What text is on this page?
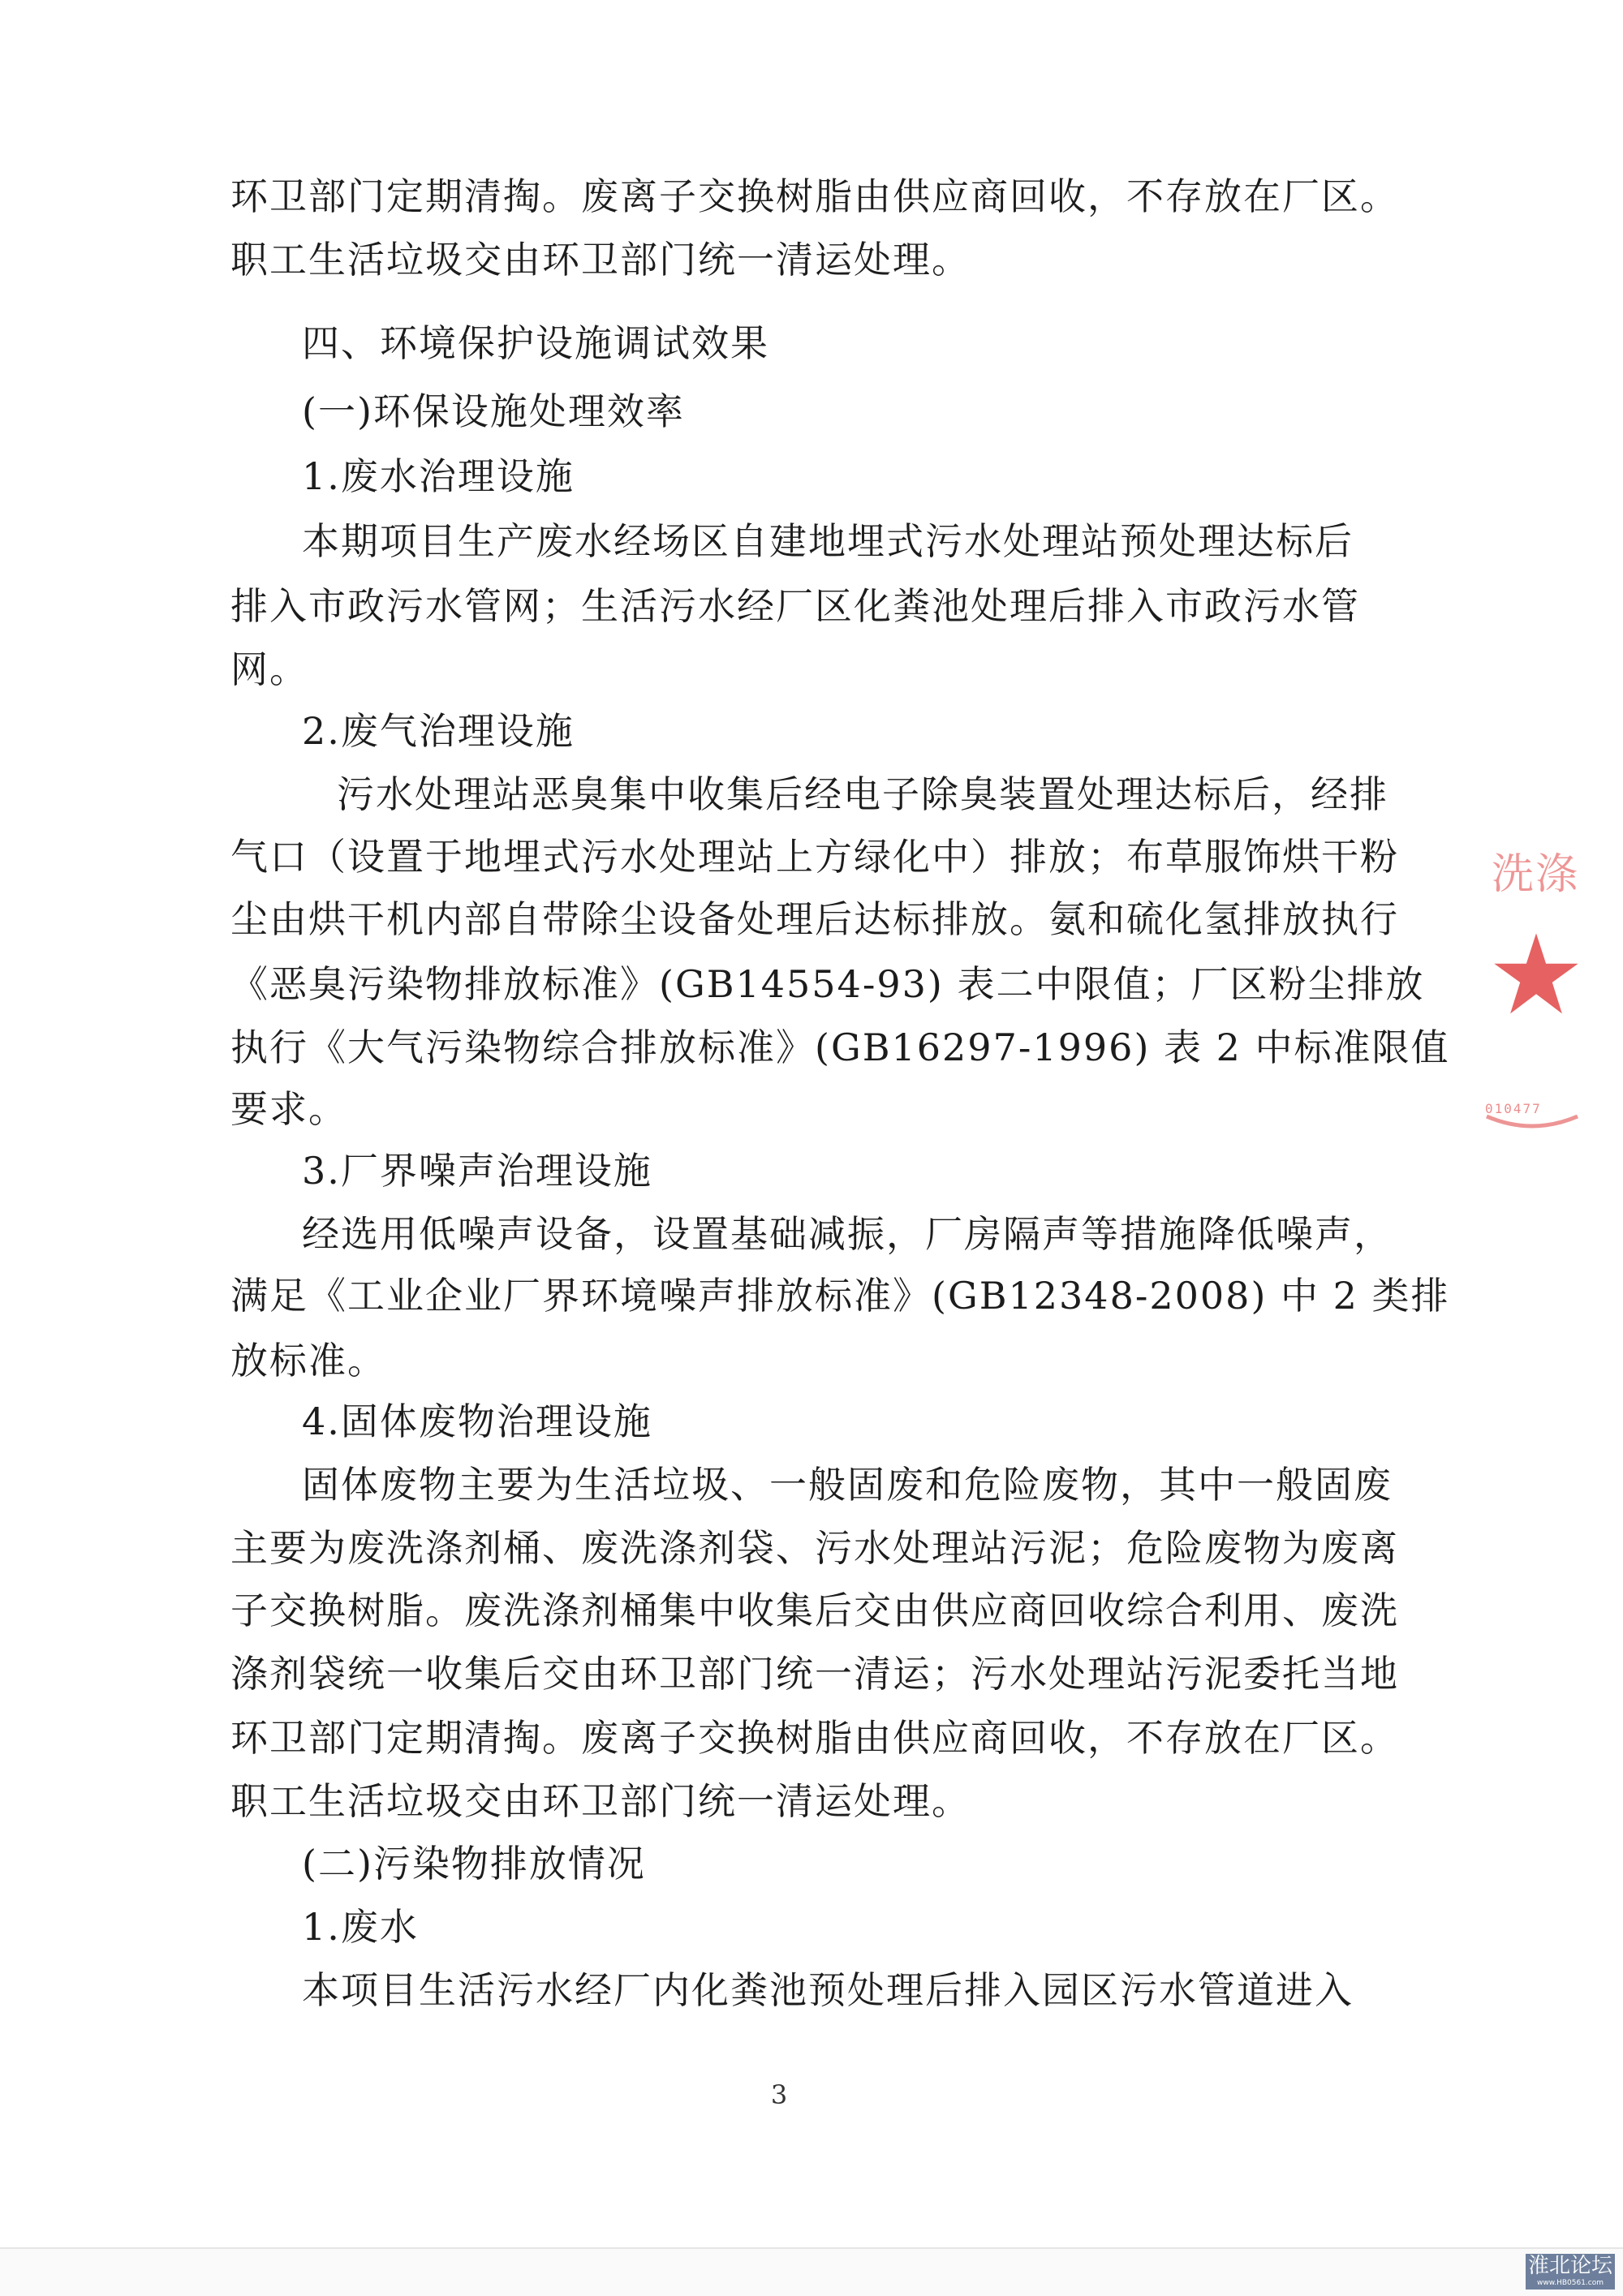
环卫部门定期清掏。废离子交换树脂由供应商回收，不存放在厂区。
职工生活垃圾交由环卫部门统一清运处理。
四、环境保护设施调试效果
(一)环保设施处理效率
1.废水治理设施
本期项目生产废水经场区自建地埋式污水处理站预处理达标后
排入市政污水管网；生活污水经厂区化粪池处理后排入市政污水管
网。
2.废气治理设施
污水处理站恶臭集中收集后经电子除臭装置处理达标后，经排
气口（设置于地埋式污水处理站上方绿化中）排放；布草服饰烘干粉
尘由烘干机内部自带除尘设备处理后达标排放。氨和硫化氢排放执行
《恶臭污染物排放标准》(GB14554-93) 表二中限值；厂区粉尘排放
执行《大气污染物综合排放标准》(GB16297-1996) 表 2 中标准限值
要求。
3.厂界噪声治理设施
经选用低噪声设备，设置基础减振，厂房隔声等措施降低噪声，
满足《工业企业厂界环境噪声排放标准》(GB12348-2008) 中 2 类排
放标准。
4.固体废物治理设施
固体废物主要为生活垃圾、一般固废和危险废物，其中一般固废
主要为废洗涤剂桶、废洗涤剂袋、污水处理站污泥；危险废物为废离
子交换树脂。废洗涤剂桶集中收集后交由供应商回收综合利用、废洗
涤剂袋统一收集后交由环卫部门统一清运；污水处理站污泥委托当地
环卫部门定期清掏。废离子交换树脂由供应商回收，不存放在厂区。
职工生活垃圾交由环卫部门统一清运处理。
(二)污染物排放情况
1.废水
本项目生活污水经厂内化粪池预处理后排入园区污水管道进入
3
洗涤
010477
淮北论坛
www.HB0561.com
